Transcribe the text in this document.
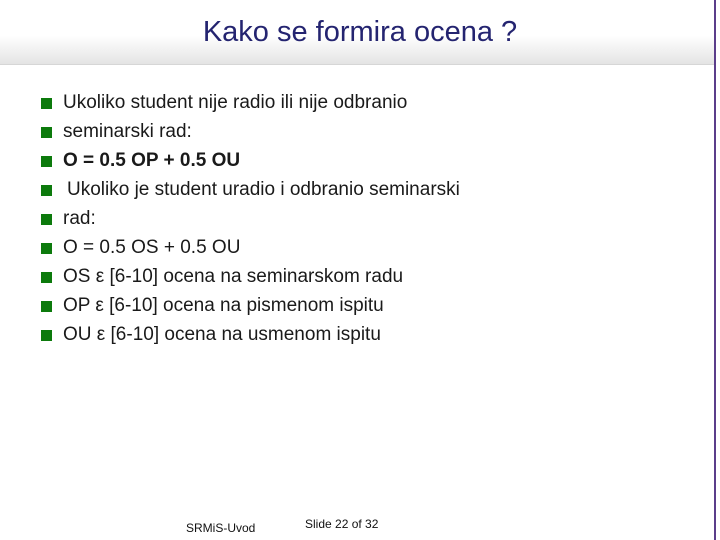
Kako se formira ocena ?
Ukoliko student nije radio ili nije odbranio
seminarski rad:
O = 0.5 OP + 0.5 OU
Ukoliko je student uradio i odbranio seminarski
rad:
O = 0.5 OS + 0.5 OU
OS ε [6-10] ocena na seminarskom radu
OP ε [6-10] ocena na pismenom ispitu
OU ε [6-10] ocena na usmenom ispitu
SRMiS-Uvod	Slide 22 of 32
